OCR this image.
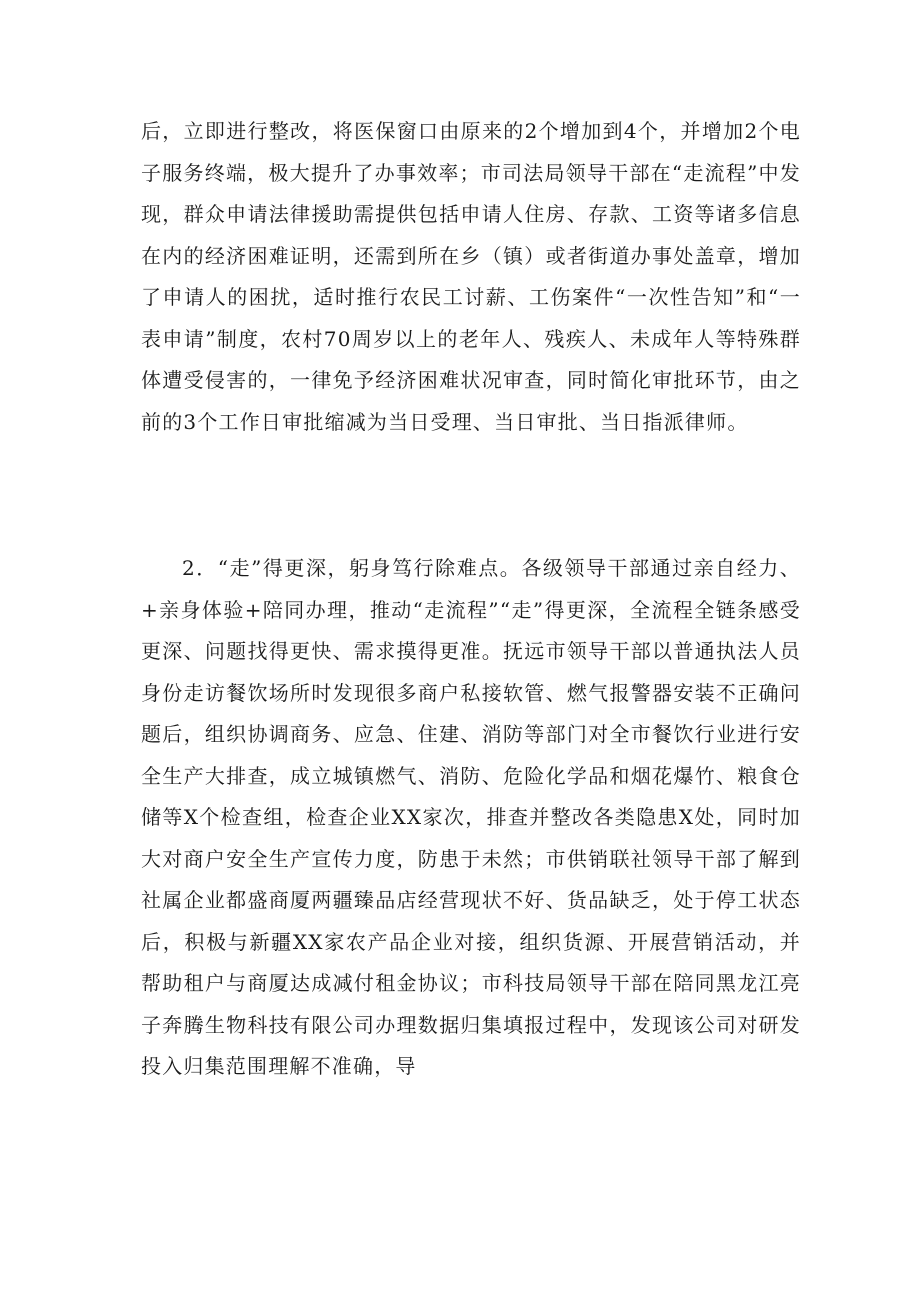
后，立即进行整改，将医保窗口由原来的2个增加到4个，并增加2个电子服务终端，极大提升了办事效率；市司法局领导干部在“走流程”中发现，群众申请法律援助需提供包括申请人住房、存款、工资等诸多信息在内的经济困难证明，还需到所在乡（镇）或者街道办事处盖章，增加了申请人的困扰，适时推行农民工讨薪、工伤案件“一次性告知”和“一表申请”制度，农村70周岁以上的老年人、残疾人、未成年人等特殊群体遭受侵害的，一律免予经济困难状况审查，同时简化审批环节，由之前的3个工作日审批缩减为当日受理、当日审批、当日指派律师。

2．“走”得更深，躬身笃行除难点。各级领导干部通过亲自经力、+亲身体验+陪同办理，推动“走流程”“走”得更深，全流程全链条感受更深、问题找得更快、需求摸得更准。抚远市领导干部以普通执法人员身份走访餐饮场所时发现很多商户私接软管、燃气报警器安装不正确问题后，组织协调商务、应急、住建、消防等部门对全市餐饮行业进行安全生产大排查，成立城镇燃气、消防、危险化学品和烟花爆竹、粮食仓储等X个检查组，检查企业XX家次，排查并整改各类隐患X处，同时加大对商户安全生产宣传力度，防患于未然；市供销联社领导干部了解到社属企业都盛商厦两疆臻品店经营现状不好、货品缺乏，处于停工状态后，积极与新疆XX家农产品企业对接，组织货源、开展营销活动，并帮助租户与商厦达成减付租金协议；市科技局领导干部在陪同黑龙江亮子奔腾生物科技有限公司办理数据归集填报过程中，发现该公司对研发投入归集范围理解不准确，导
